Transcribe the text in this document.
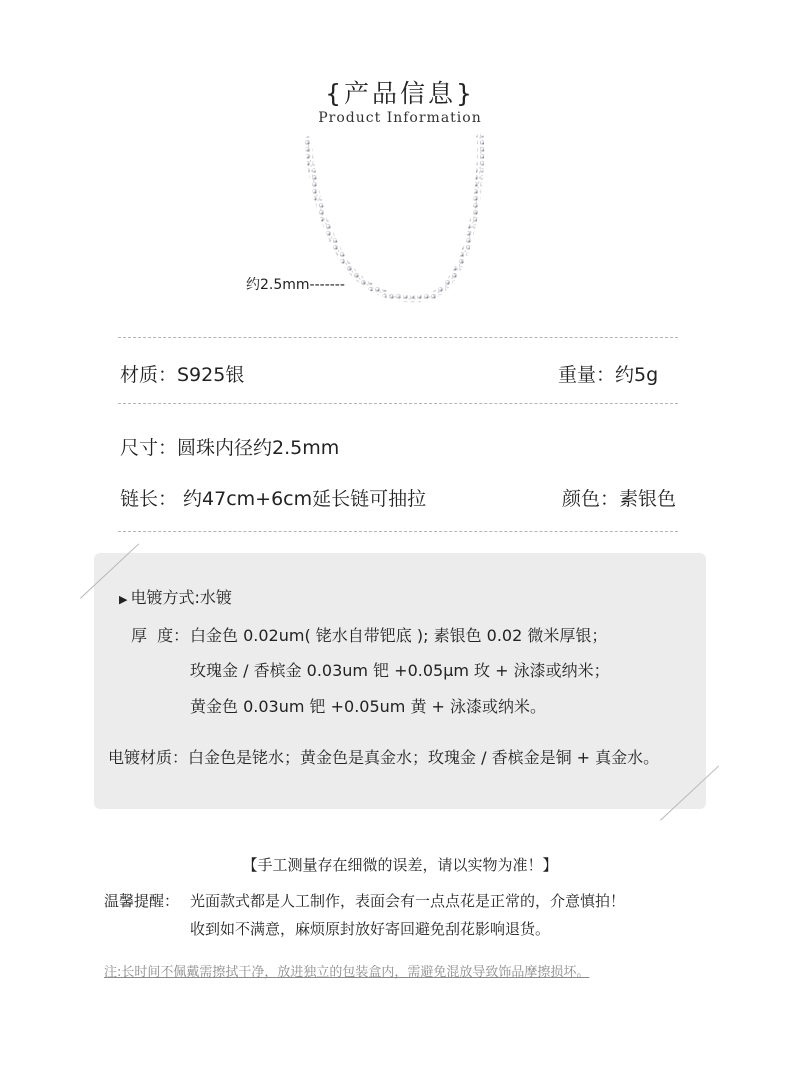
{产品信息}
Product Information
约2.5mm-------
材质：S925银	重量：约5g
尺寸：圆珠内径约2.5mm
链长： 约47cm+6cm延长链可抽拉	颜色：素银色
▶ 电镀方式:水镀
厚  度： 白金色 0.02um( 铑水自带钯底 ); 素银色 0.02 微米厚银；
玫瑰金 / 香槟金 0.03um 钯 +0.05μm 玫 + 泳漆或纳米；
黄金色 0.03um 钯 +0.05um 黄 + 泳漆或纳米。
电镀材质：白金色是铑水；黄金色是真金水；玫瑰金 / 香槟金是铜 + 真金水。
【手工测量存在细微的误差，请以实物为准！】
温馨提醒： 光面款式都是人工制作，表面会有一点点花是正常的，介意慎拍！
收到如不满意，麻烦原封放好寄回避免刮花影响退货。
注:长时间不佩戴需擦拭干净，放进独立的包装盒内，需避免混放导致饰品摩擦损坏。
